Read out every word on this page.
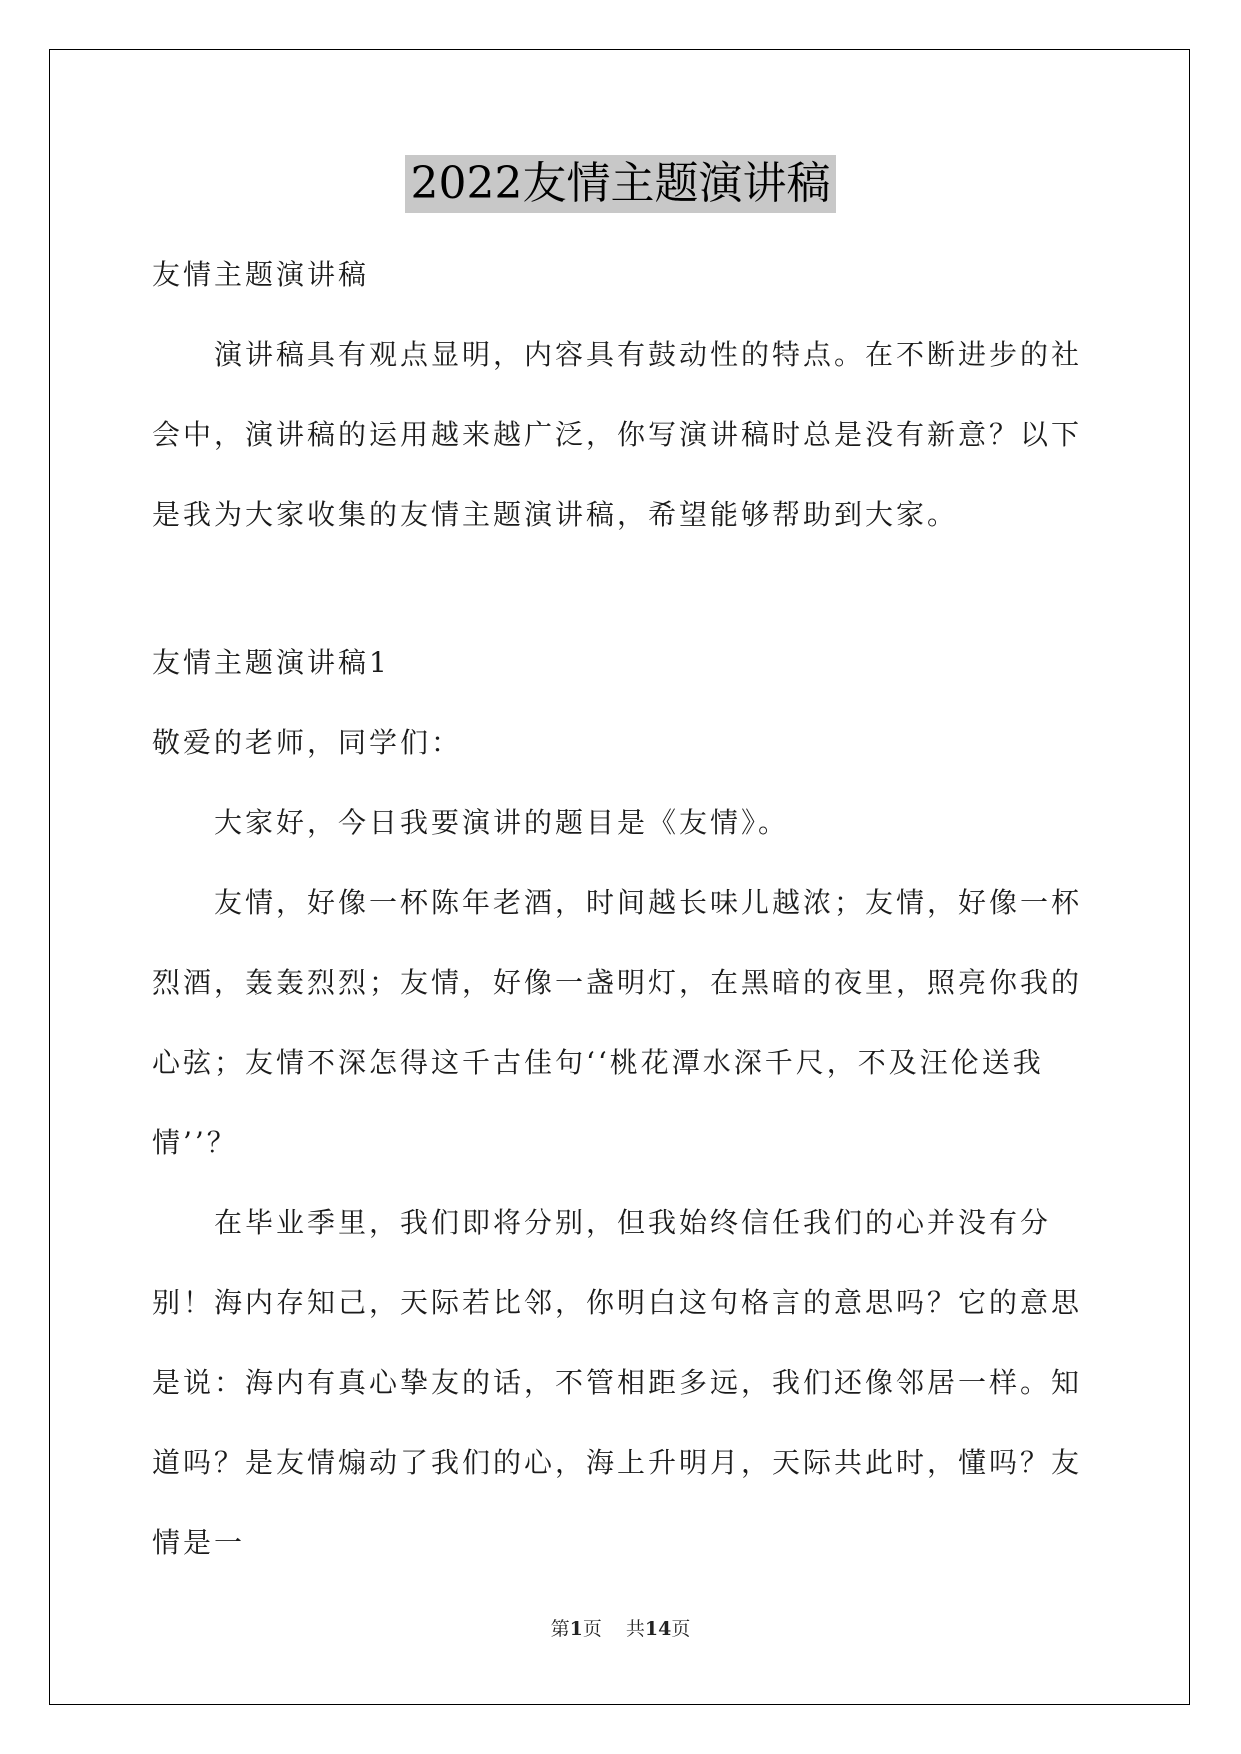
2022友情主题演讲稿

友情主题演讲稿

演讲稿具有观点显明，内容具有鼓动性的特点。在不断进步的社会中，演讲稿的运用越来越广泛，你写演讲稿时总是没有新意？以下是我为大家收集的友情主题演讲稿，希望能够帮助到大家。

友情主题演讲稿1

敬爱的老师，同学们：

大家好，今日我要演讲的题目是《友情》。

友情，好像一杯陈年老酒，时间越长味儿越浓；友情，好像一杯烈酒，轰轰烈烈；友情，好像一盏明灯，在黑暗的夜里，照亮你我的心弦；友情不深怎得这千古佳句‘‘桃花潭水深千尺，不及汪伦送我情’’？

在毕业季里，我们即将分别，但我始终信任我们的心并没有分别！海内存知己，天际若比邻，你明白这句格言的意思吗？它的意思是说：海内有真心挚友的话，不管相距多远，我们还像邻居一样。知道吗？是友情煽动了我们的心，海上升明月，天际共此时，懂吗？友情是一

第1页 共14页
